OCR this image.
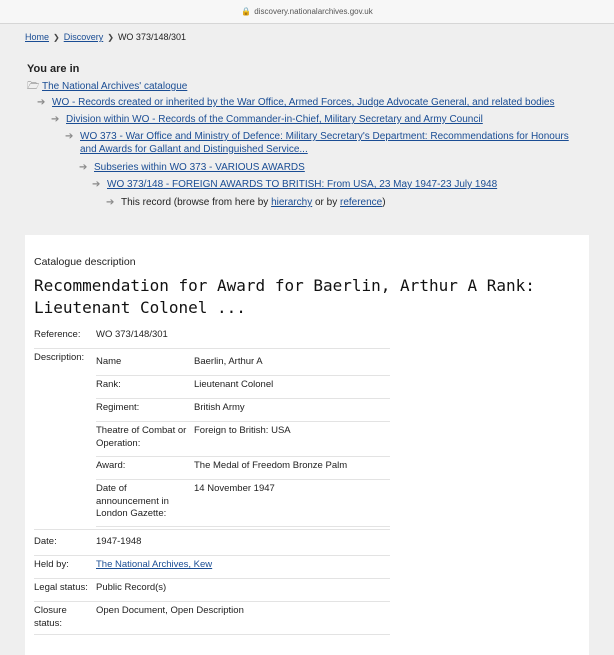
🔒 discovery.nationalarchives.gov.uk
Home ❯ Discovery ❯ WO 373/148/301
You are in
🗁 The National Archives' catalogue
➔ WO - Records created or inherited by the War Office, Armed Forces, Judge Advocate General, and related bodies
➔ Division within WO - Records of the Commander-in-Chief, Military Secretary and Army Council
➔ WO 373 - War Office and Ministry of Defence: Military Secretary's Department: Recommendations for Honours
and Awards for Gallant and Distinguished Service...
➔ Subseries within WO 373 - VARIOUS AWARDS
➔ WO 373/148 - FOREIGN AWARDS TO BRITISH: From USA, 23 May 1947-23 July 1948
➔ This record (browse from here by hierarchy or by reference)
Catalogue description
Recommendation for Award for Baerlin, Arthur A Rank:
Lieutenant Colonel ...
Reference:	WO 373/148/301
Description:	Name	Baerlin, Arthur A
Rank:	Lieutenant Colonel
Regiment:	British Army
Theatre of Combat or
Operation:
Foreign to British: USA
Award:	The Medal of Freedom Bronze Palm
Date of
announcement in
London Gazette:
14 November 1947
Date:	1947-1948
Held by:	The National Archives, Kew
Legal status: Public Record(s)
Closure
status:
Open Document, Open Description
